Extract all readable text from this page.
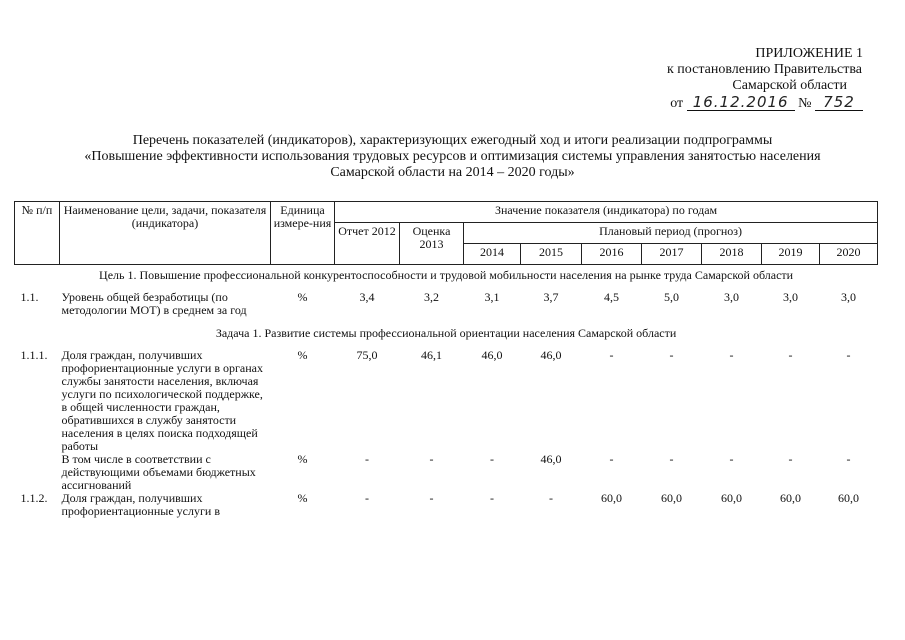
ПРИЛОЖЕНИЕ 1
к постановлению Правительства
Самарской области
от 16.12.2016 № 752
Перечень показателей (индикаторов), характеризующих ежегодный ход и итоги реализации подпрограммы
«Повышение эффективности использования трудовых ресурсов и оптимизация системы управления занятостью населения
Самарской области на 2014 – 2020 годы»
№ п/п	Наименование цели, задачи, показателя (индикатора)	Единица измере-ния	Значение показателя (индикатора) по годам								
			Отчет 2012	Оценка 2013	Плановый период (прогноз)						
					2014	2015	2016	2017	2018	2019	2020
Цель 1. Повышение профессиональной конкурентоспособности и трудовой мобильности населения на рынке труда Самарской области											
1.1.	Уровень общей безработицы (по методологии МОТ) в среднем за год	%	3,4	3,2	3,1	3,7	4,5	5,0	3,0	3,0	3,0
Задача 1. Развитие системы профессиональной ориентации населения Самарской области											
1.1.1.	Доля граждан, получивших профориентационные услуги в органах службы занятости населения, включая услуги по психологической поддержке, в общей численности граждан, обратившихся в службу занятости населения в целях поиска подходящей работы	%	75,0	46,1	46,0	46,0	-	-	-	-	-
	В том числе в соответствии с действующими объемами бюджетных ассигнований	%	-	-	-	46,0	-	-	-	-	-
1.1.2.	Доля граждан, получивших профориентационные услуги в	%	-	-	-	-	60,0	60,0	60,0	60,0	60,0
